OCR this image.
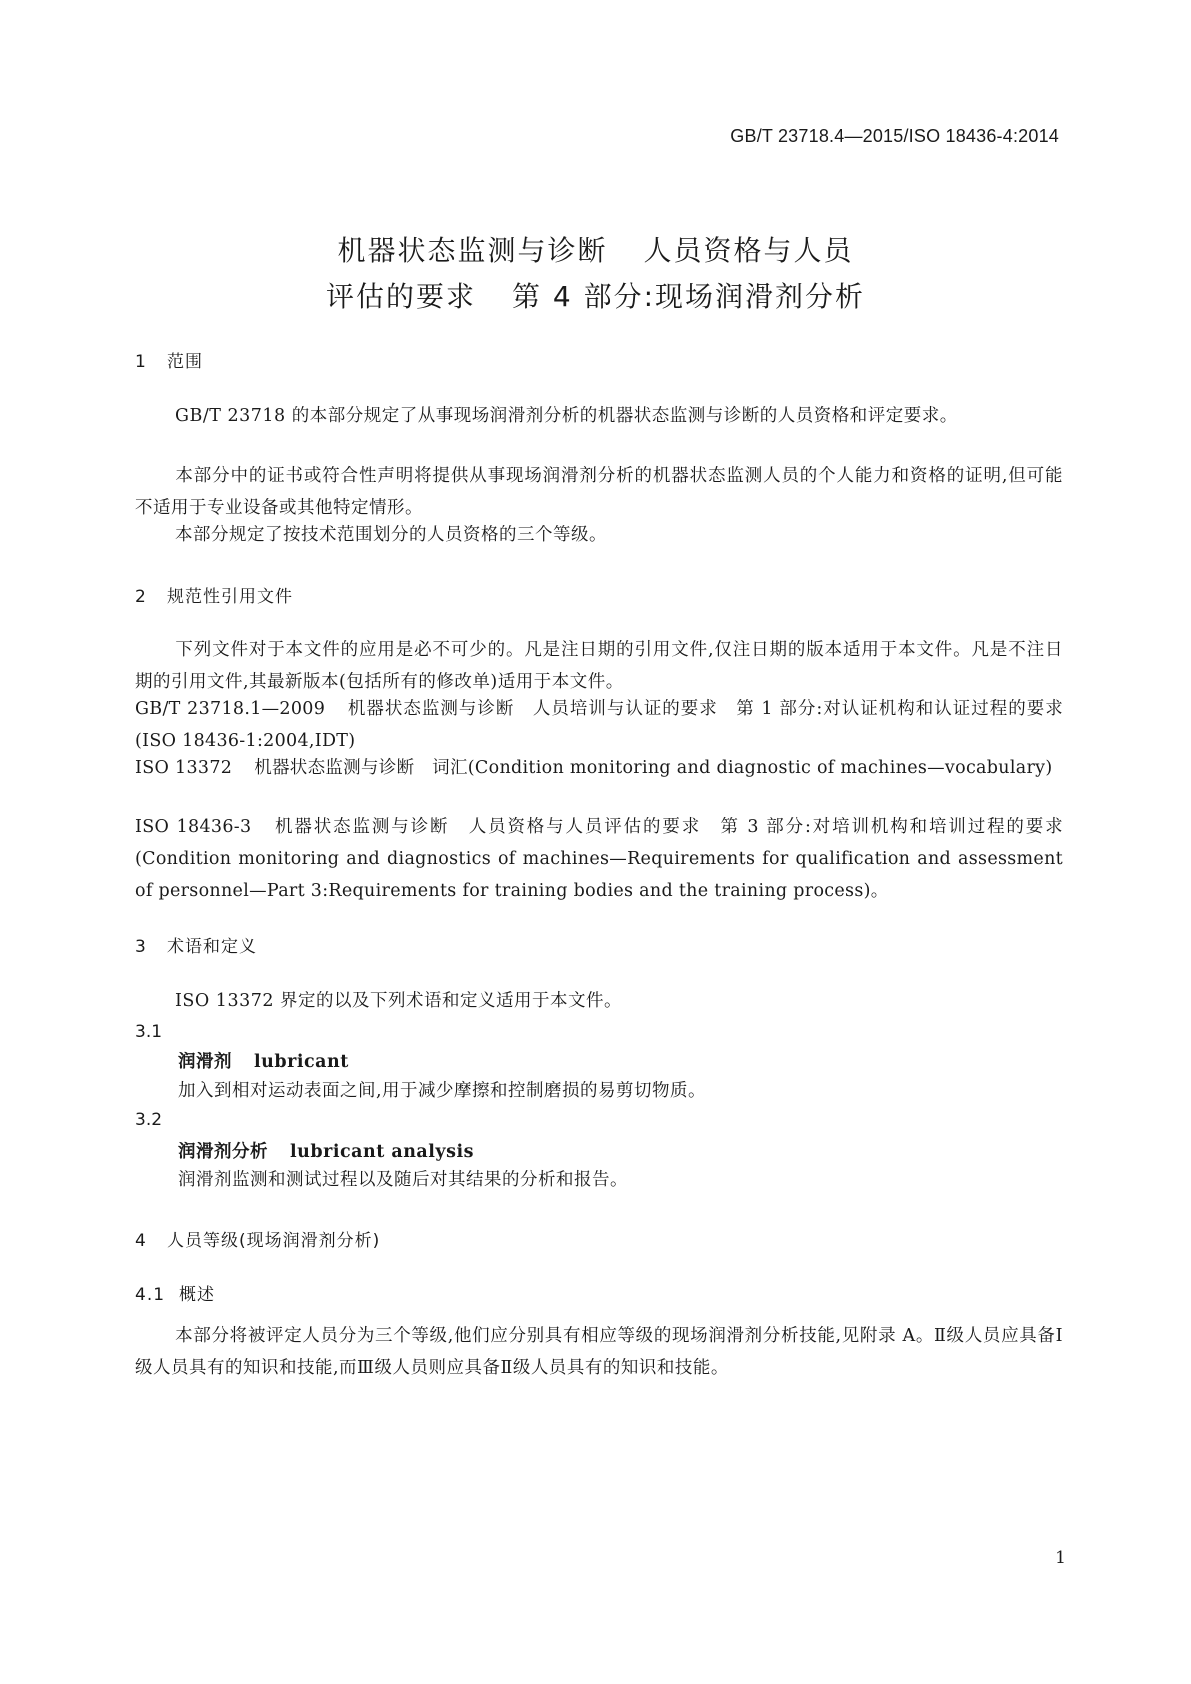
GB/T 23718.4—2015/ISO 18436-4:2014
机器状态监测与诊断 人员资格与人员
评估的要求 第 4 部分:现场润滑剂分析
1 范围
GB/T 23718 的本部分规定了从事现场润滑剂分析的机器状态监测与诊断的人员资格和评定要求。
本部分中的证书或符合性声明将提供从事现场润滑剂分析的机器状态监测人员的个人能力和资格的证明,但可能不适用于专业设备或其他特定情形。
本部分规定了按技术范围划分的人员资格的三个等级。
2 规范性引用文件
下列文件对于本文件的应用是必不可少的。凡是注日期的引用文件,仅注日期的版本适用于本文件。凡是不注日期的引用文件,其最新版本(包括所有的修改单)适用于本文件。
GB/T 23718.1—2009 机器状态监测与诊断　人员培训与认证的要求　第 1 部分:对认证机构和认证过程的要求(ISO 18436-1:2004,IDT)
ISO 13372 机器状态监测与诊断　词汇(Condition monitoring and diagnostic of machines—vocabulary)
ISO 18436-3 机器状态监测与诊断　人员资格与人员评估的要求　第 3 部分:对培训机构和培训过程的要求(Condition monitoring and diagnostics of machines—Requirements for qualification and assessment of personnel—Part 3:Requirements for training bodies and the training process)。
3 术语和定义
ISO 13372 界定的以及下列术语和定义适用于本文件。
3.1
润滑剂 lubricant
加入到相对运动表面之间,用于减少摩擦和控制磨损的易剪切物质。
3.2
润滑剂分析 lubricant analysis
润滑剂监测和测试过程以及随后对其结果的分析和报告。
4 人员等级(现场润滑剂分析)
4.1 概述
本部分将被评定人员分为三个等级,他们应分别具有相应等级的现场润滑剂分析技能,见附录 A。Ⅱ级人员应具备Ⅰ级人员具有的知识和技能,而Ⅲ级人员则应具备Ⅱ级人员具有的知识和技能。
1
